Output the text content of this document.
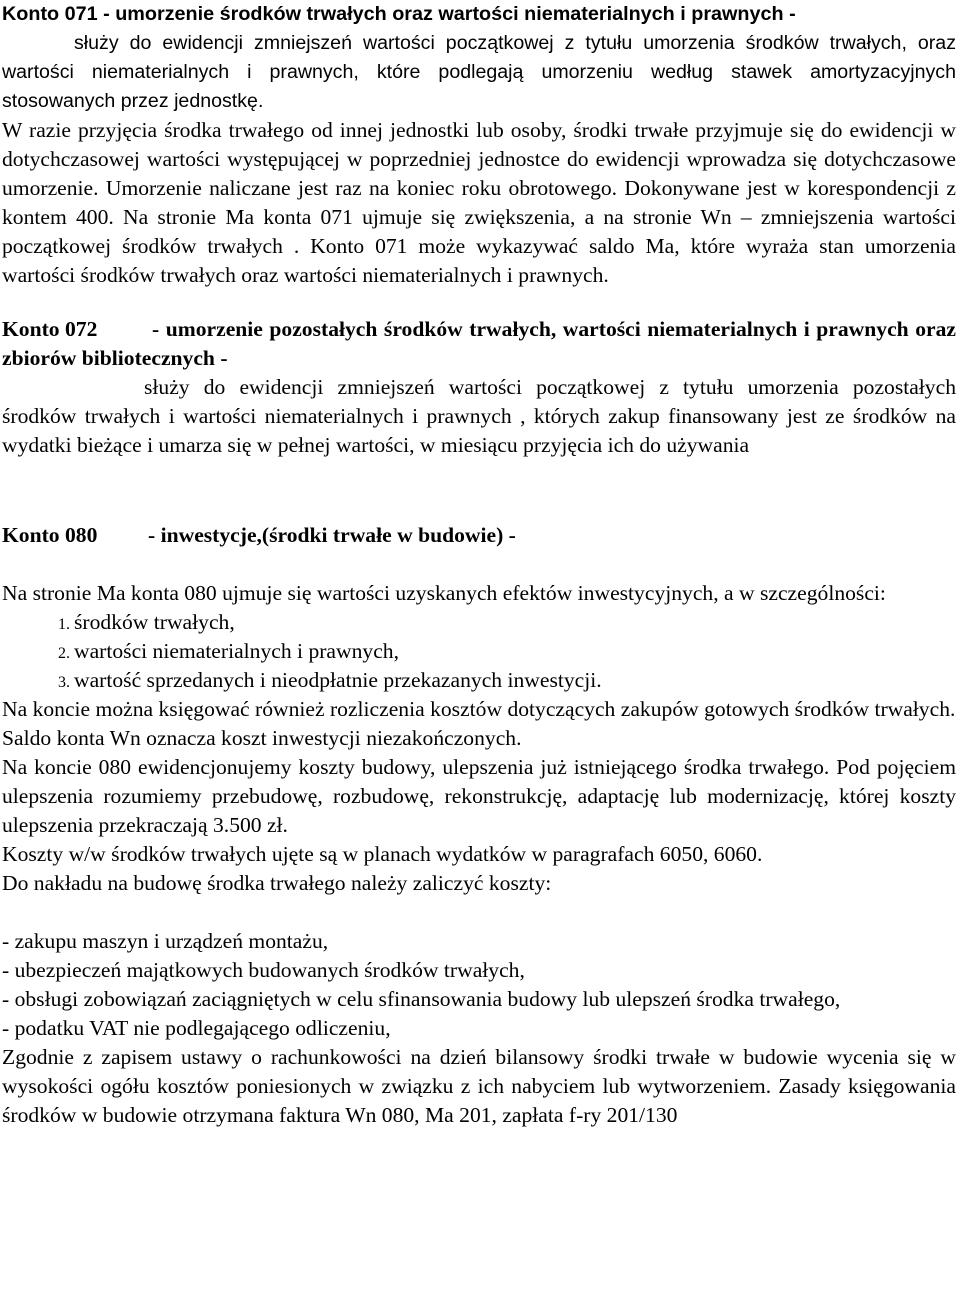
Konto 071 - umorzenie środków trwałych oraz wartości niematerialnych i prawnych -

służy do ewidencji zmniejszeń wartości początkowej z tytułu umorzenia środków trwałych, oraz wartości niematerialnych i prawnych, które podlegają umorzeniu według stawek amortyzacyjnych stosowanych przez jednostkę.

W razie przyjęcia środka trwałego od innej jednostki lub osoby, środki trwałe przyjmuje się do ewidencji w dotychczasowej wartości występującej w poprzedniej jednostce do ewidencji wprowadza się dotychczasowe umorzenie. Umorzenie naliczane jest raz na koniec roku obrotowego. Dokonywane jest w korespondencji z kontem 400. Na stronie Ma konta 071 ujmuje się zwiększenia, a na stronie Wn – zmniejszenia wartości początkowej środków trwałych . Konto 071 może wykazywać saldo Ma, które wyraża stan umorzenia wartości środków trwałych oraz wartości niematerialnych i prawnych.

Konto 072	- umorzenie pozostałych środków trwałych, wartości niematerialnych i prawnych oraz zbiorów bibliotecznych -

służy do ewidencji zmniejszeń wartości początkowej z tytułu umorzenia pozostałych środków trwałych i wartości niematerialnych i prawnych , których zakup finansowany jest ze środków na wydatki bieżące i umarza się w pełnej wartości, w miesiącu przyjęcia ich do używania

Konto 080 - inwestycje,(środki trwałe w budowie) -

Na stronie Ma konta 080 ujmuje się wartości uzyskanych efektów inwestycyjnych, a w szczególności:

1. środków trwałych,
2. wartości niematerialnych i prawnych,
3. wartość sprzedanych i nieodpłatnie przekazanych inwestycji.

Na koncie można księgować również rozliczenia kosztów dotyczących zakupów gotowych środków trwałych.

Saldo konta Wn oznacza koszt inwestycji niezakończonych.

Na koncie 080 ewidencjonujemy koszty budowy, ulepszenia już istniejącego środka trwałego. Pod pojęciem ulepszenia rozumiemy przebudowę, rozbudowę, rekonstrukcję, adaptację lub modernizację, której koszty ulepszenia przekraczają 3.500 zł.

Koszty w/w środków trwałych ujęte są w planach wydatków w paragrafach 6050, 6060.

Do nakładu na budowę środka trwałego należy zaliczyć koszty:

- zakupu maszyn i urządzeń montażu,

- ubezpieczeń majątkowych budowanych środków trwałych,

- obsługi zobowiązań zaciągniętych w celu sfinansowania budowy lub ulepszeń środka trwałego,

- podatku VAT nie podlegającego odliczeniu,

Zgodnie z zapisem ustawy o rachunkowości na dzień bilansowy środki trwałe w budowie wycenia się w wysokości ogółu kosztów poniesionych w związku z ich nabyciem lub wytworzeniem. Zasady księgowania środków w budowie otrzymana faktura Wn 080, Ma 201, zapłata f-ry 201/130
